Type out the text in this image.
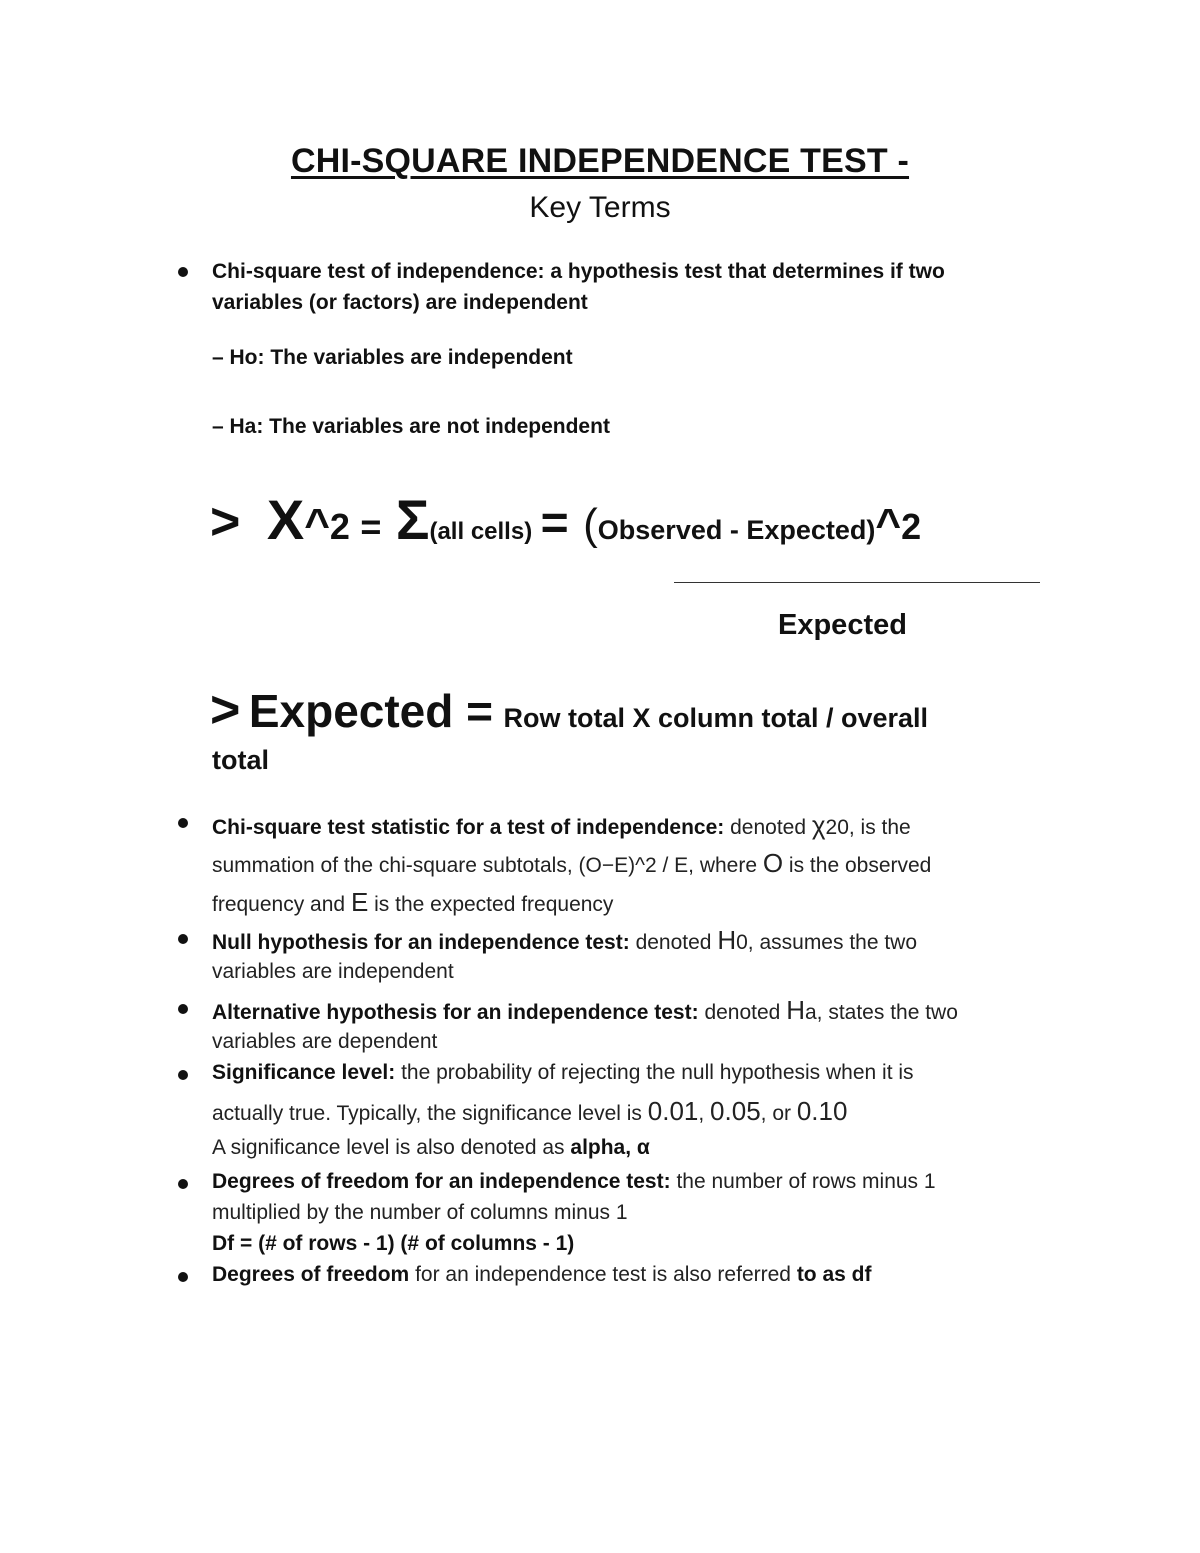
CHI-SQUARE INDEPENDENCE TEST -
Key Terms
Chi-square test of independence: a hypothesis test that determines if two
variables (or factors) are independent
– Ho: The variables are independent
– Ha: The variables are not independent
> X^2 = Σ(all cells) = (Observed - Expected)^2
Expected
> Expected = Row total X column total / overall
total
Chi-square test statistic for a test of independence: denoted χ20, is the
summation of the chi-square subtotals, (O−E)^2 / E, where O is the observed
frequency and E is the expected frequency
Null hypothesis for an independence test: denoted H0, assumes the two
variables are independent
Alternative hypothesis for an independence test: denoted Ha, states the two
variables are dependent
Significance level: the probability of rejecting the null hypothesis when it is
actually true. Typically, the significance level is 0.01, 0.05, or 0.10
A significance level is also denoted as alpha, α
Degrees of freedom for an independence test: the number of rows minus 1
multiplied by the number of columns minus 1
Df = (# of rows - 1) (# of columns - 1)
Degrees of freedom for an independence test is also referred to as df
